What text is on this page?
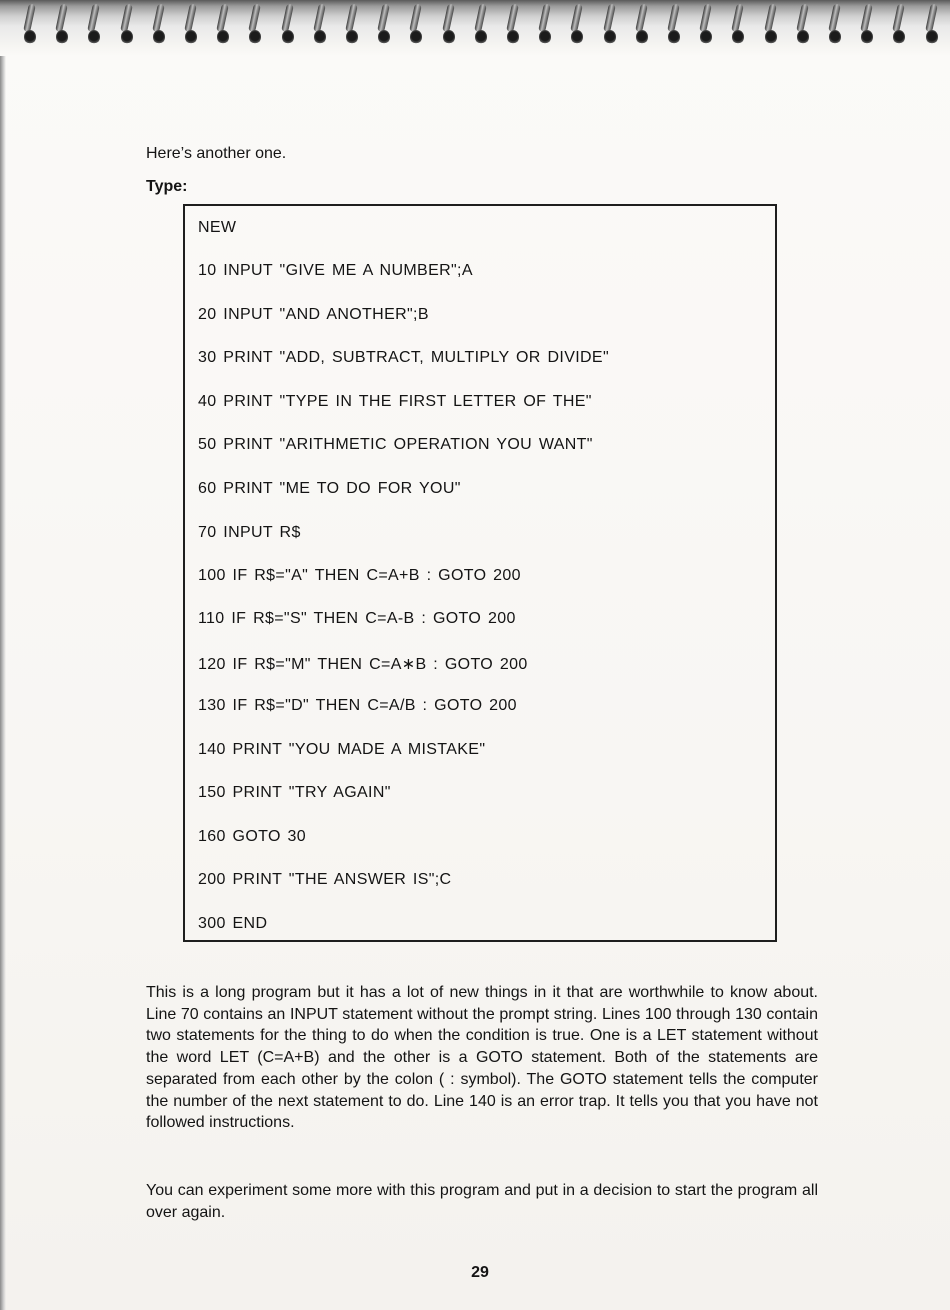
Here’s another one.
Type:
NEW
10 INPUT "GIVE ME A NUMBER";A
20 INPUT "AND ANOTHER";B
30 PRINT "ADD, SUBTRACT, MULTIPLY OR DIVIDE"
40 PRINT "TYPE IN THE FIRST LETTER OF THE"
50 PRINT "ARITHMETIC OPERATION YOU WANT"
60 PRINT "ME TO DO FOR YOU"
70 INPUT R$
100 IF R$="A" THEN C=A+B : GOTO 200
110 IF R$="S" THEN C=A-B : GOTO 200
120 IF R$="M" THEN C=A∗B : GOTO 200
130 IF R$="D" THEN C=A/B : GOTO 200
140 PRINT "YOU MADE A MISTAKE"
150 PRINT "TRY AGAIN"
160 GOTO 30
200 PRINT "THE ANSWER IS";C
300 END
This is a long program but it has a lot of new things in it that are worthwhile to know about. Line 70 contains an INPUT statement without the prompt string. Lines 100 through 130 contain two statements for the thing to do when the condition is true. One is a LET statement without the word LET (C=A+B) and the other is a GOTO statement. Both of the statements are separated from each other by the colon ( : symbol). The GOTO statement tells the computer the number of the next statement to do. Line 140 is an error trap. It tells you that you have not followed instructions.
You can experiment some more with this program and put in a decision to start the program all over again.
29
